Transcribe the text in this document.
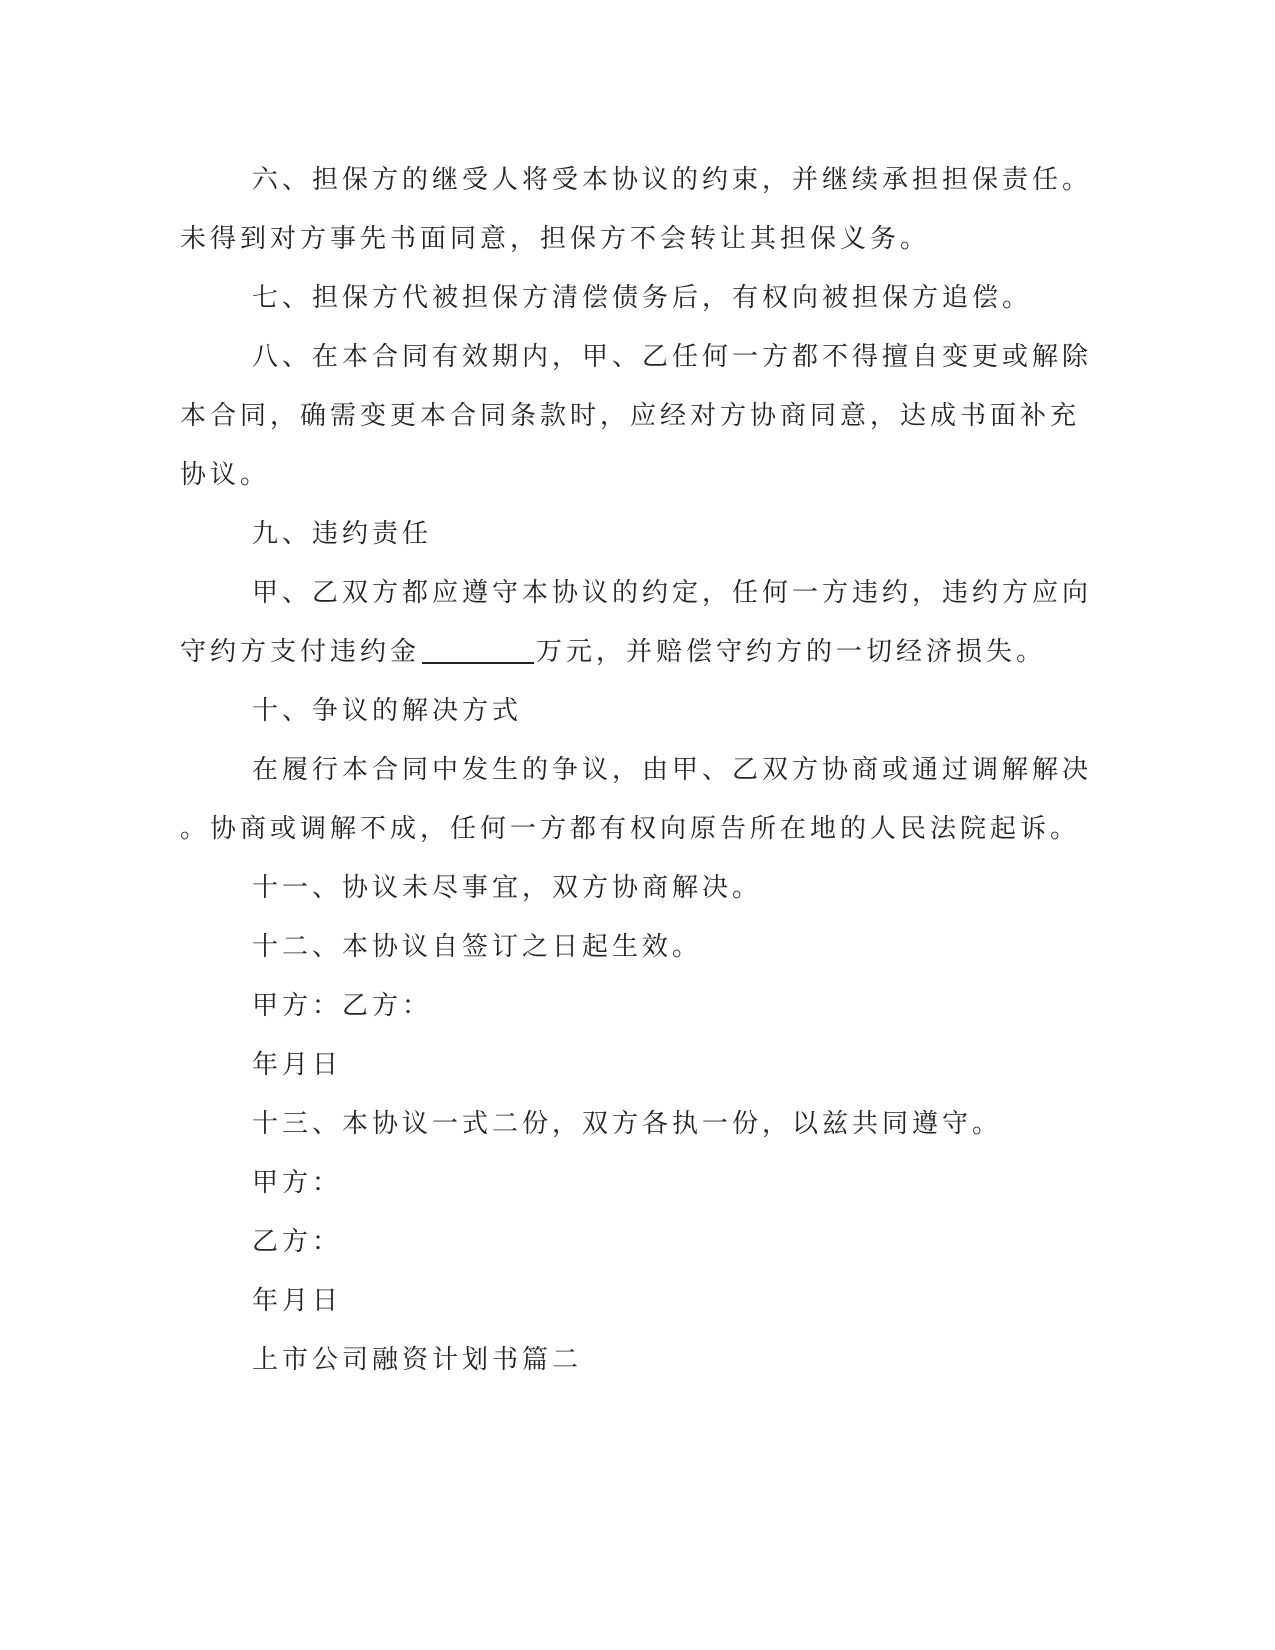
六、担保方的继受人将受本协议的约束，并继续承担担保责任。
未得到对方事先书面同意，担保方不会转让其担保义务。
七、担保方代被担保方清偿债务后，有权向被担保方追偿。
八、在本合同有效期内，甲、乙任何一方都不得擅自变更或解除
本合同，确需变更本合同条款时，应经对方协商同意，达成书面补充
协议。
九、违约责任
甲、乙双方都应遵守本协议的约定，任何一方违约，违约方应向
守约方支付违约金	万元，并赔偿守约方的一切经济损失。
十、争议的解决方式
在履行本合同中发生的争议，由甲、乙双方协商或通过调解解决
。协商或调解不成，任何一方都有权向原告所在地的人民法院起诉。
十一、协议未尽事宜，双方协商解决。
十二、本协议自签订之日起生效。
甲方：乙方：
年月日
十三、本协议一式二份，双方各执一份，以兹共同遵守。
甲方：
乙方：
年月日
上市公司融资计划书篇二
